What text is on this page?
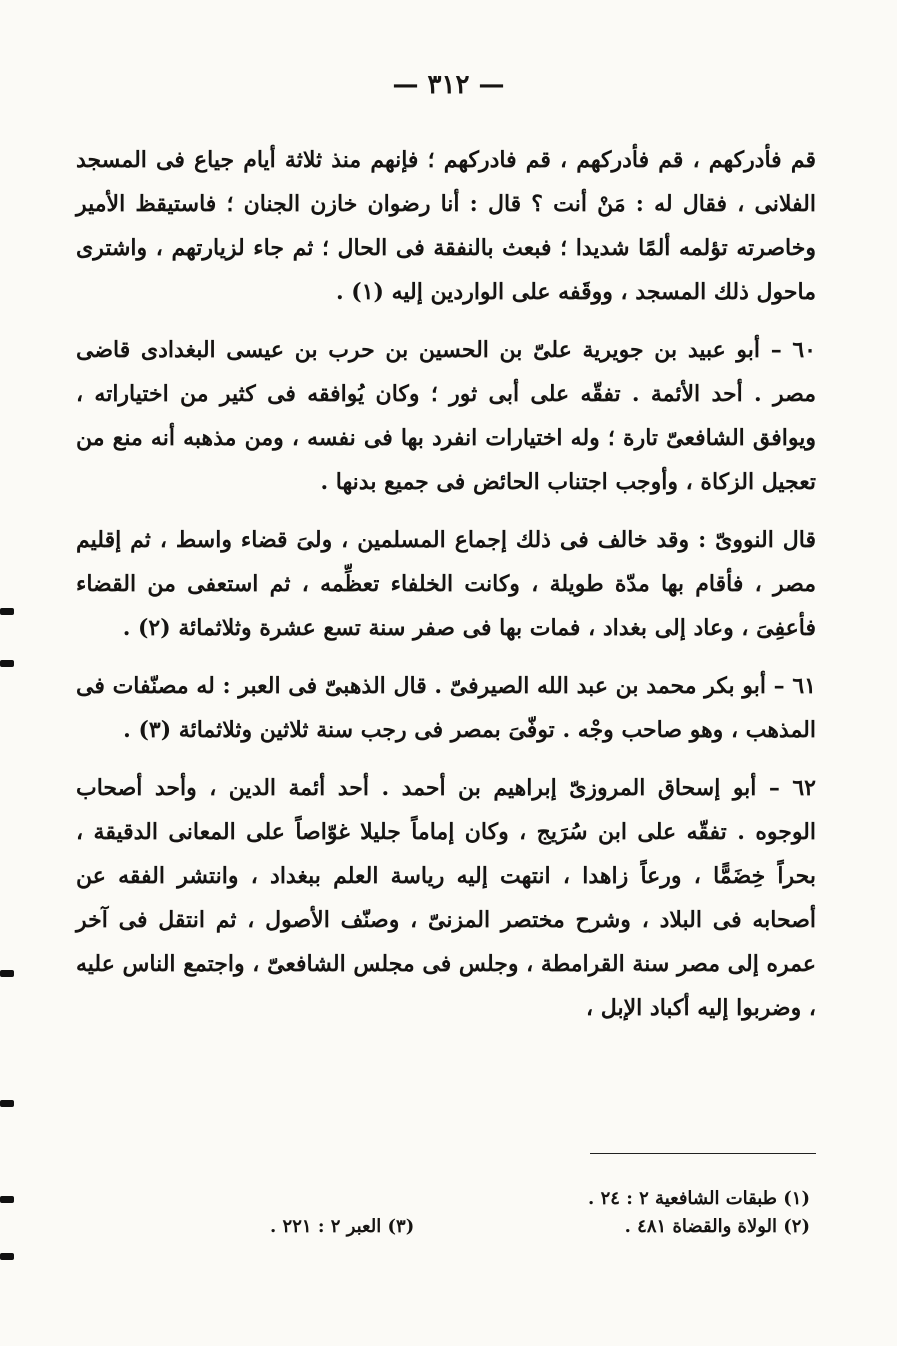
— ٣١٢ —

قم فأدركهم ، قم فأدركهم ، قم فادركهم ؛ فإنهم منذ ثلاثة أيام جياع فى المسجد الفلانى ، فقال له : مَنْ أنت ؟ قال : أنا رضوان خازن الجنان ؛ فاستيقظ الأمير وخاصرته تؤلمه ألمًا شديدا ؛ فبعث بالنفقة فى الحال ؛ ثم جاء لزيارتهم ، واشترى ماحول ذلك المسجد ، ووقَفه على الواردين إليه (١) .

٦٠ – أبو عبيد بن جويرية علىّ بن الحسين بن حرب بن عيسى البغدادى قاضى مصر . أحد الأئمة . تفقّه على أبى ثور ؛ وكان يُوافقه فى كثير من اختياراته ، ويوافق الشافعىّ تارة ؛ وله اختيارات انفرد بها فى نفسه ، ومن مذهبه أنه منع من تعجيل الزكاة ، وأوجب اجتناب الحائض فى جميع بدنها .

قال النووىّ : وقد خالف فى ذلك إجماع المسلمين ، ولىَ قضاء واسط ، ثم إقليم مصر ، فأقام بها مدّة طويلة ، وكانت الخلفاء تعظِّمه ، ثم استعفى من القضاء فأعفِىَ ، وعاد إلى بغداد ، فمات بها فى صفر سنة تسع عشرة وثلاثمائة (٢) .

٦١ – أبو بكر محمد بن عبد الله الصيرفىّ . قال الذهبىّ فى العبر : له مصنّفات فى المذهب ، وهو صاحب وجْه . توفّىَ بمصر فى رجب سنة ثلاثين وثلاثمائة (٣) .

٦٢ – أبو إسحاق المروزىّ إبراهيم بن أحمد . أحد أئمة الدين ، وأحد أصحاب الوجوه . تفقّه على ابن سُرَيج ، وكان إماماً جليلا غوّاصاً على المعانى الدقيقة ، بحراً خِضَمًّا ، ورعاً زاهدا ، انتهت إليه رياسة العلم ببغداد ، وانتشر الفقه عن أصحابه فى البلاد ، وشرح مختصر المزنىّ ، وصنّف الأصول ، ثم انتقل فى آخر عمره إلى مصر سنة القرامطة ، وجلس فى مجلس الشافعىّ ، واجتمع الناس عليه ، وضربوا إليه أكباد الإبل ،

(١) طبقات الشافعية ٢ : ٢٤ .
(٢) الولاة والقضاة ٤٨١ .
(٣) العبر ٢ : ٢٢١ .
